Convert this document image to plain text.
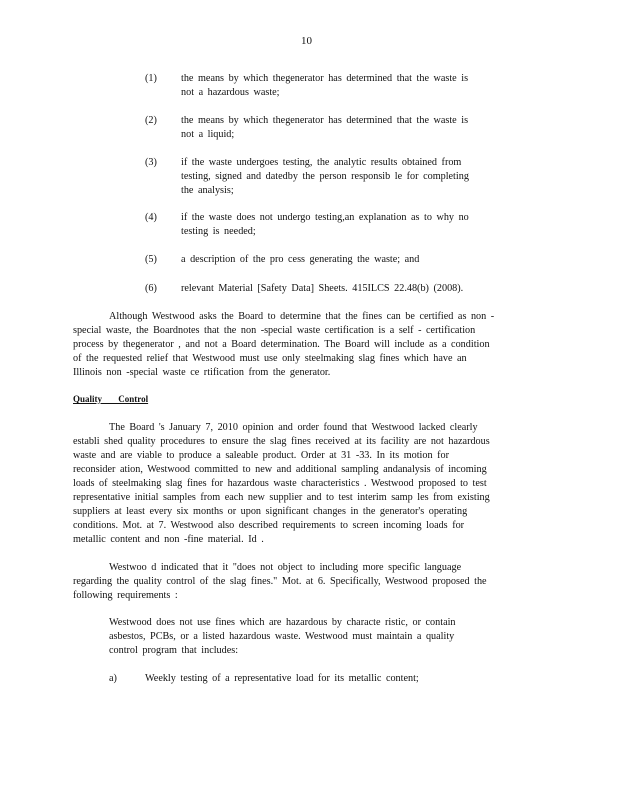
10
(1) the means by which thegenerator has determined that the waste is
not a hazardous waste;
(2) the means by which thegenerator has determined that the waste is
not a liquid;
(3) if the waste undergoes testing, the analytic results obtained from
testing, signed and datedby the person responsib le for completing
the analysis;
(4) if the waste does not undergo testing,an explanation as to why no
testing is needed;
(5) a description of the pro cess generating the waste; and
(6) relevant Material [Safety Data] Sheets. 415ILCS 22.48(b) (2008).
Although Westwood asks the Board to determine that the fines can be certified as non -
special waste, the Boardnotes that the non -special waste certification is a self - certification
process by thegenerator , and not a Board determination. The Board will include as a condition
of the requested relief that Westwood must use only steelmaking slag fines which have an
Illinois non -special waste ce rtification from the generator.
Quality Control
The Board 's January 7, 2010 opinion and order found that Westwood lacked clearly
establi shed quality procedures to ensure the slag fines received at its facility are not hazardous
waste and are viable to produce a saleable product. Order at 31 -33. In its motion for
reconsider ation, Westwood committed to new and additional sampling andanalysis of incoming
loads of steelmaking slag fines for hazardous waste characteristics . Westwood proposed to test
representative initial samples from each new supplier and to test interim samp les from existing
suppliers at least every six months or upon significant changes in the generator's operating
conditions. Mot. at 7. Westwood also described requirements to screen incoming loads for
metallic content and non -fine material. Id .
Westwoo d indicated that it "does not object to including more specific language
regarding the quality control of the slag fines." Mot. at 6. Specifically, Westwood proposed the
following requirements :
Westwood does not use fines which are hazardous by characte ristic, or contain
asbestos, PCBs, or a listed hazardous waste. Westwood must maintain a quality
control program that includes:
a)	Weekly testing of a representative load for its metallic content;
